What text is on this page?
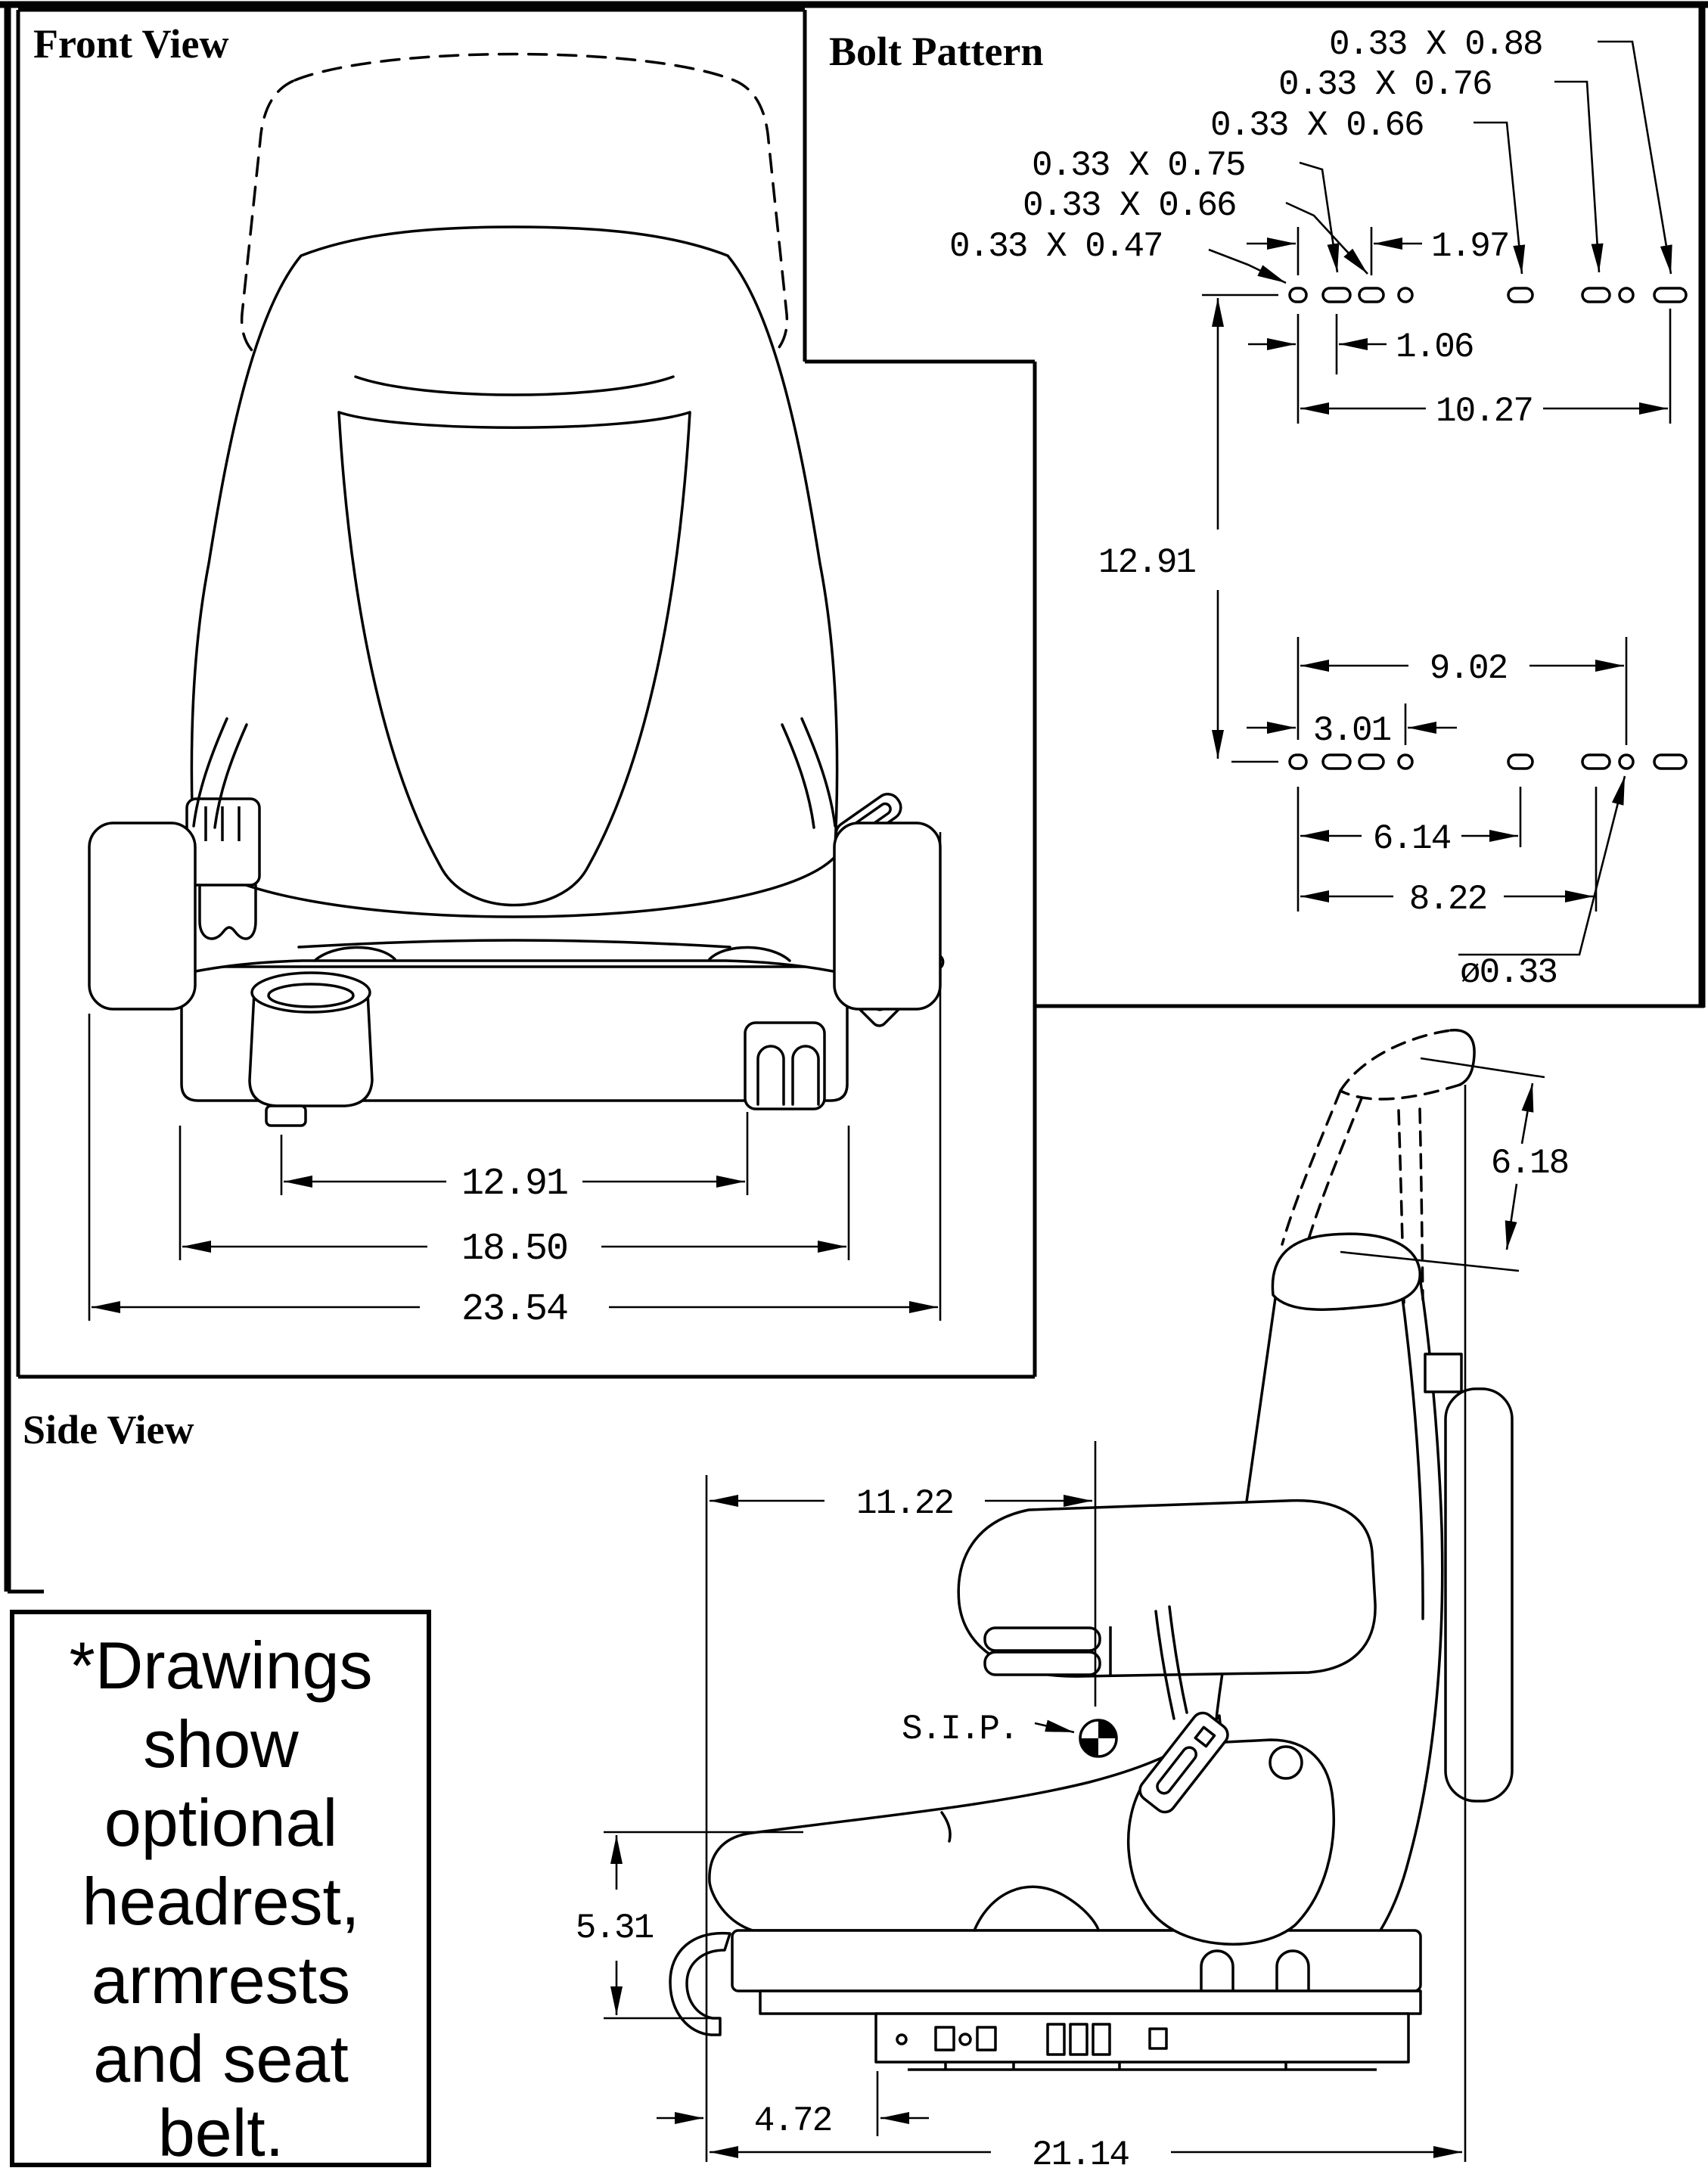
Front View
12.91
18.50
23.54
Bolt Pattern	0.33 X 0.88
0.33 X 0.76
0.33 X 0.66
0.33 X 0.75
0.33 X 0.66
0.33 X 0.47	1.97
12.91
1.06
10.27
9.02
3.01
6.14
8.22
ø0.33
Side View
S.I.P.
6.18
11.22
5.31
4.72
21.14
*Drawings
show
optional
headrest,
armrests
and seat
belt.
